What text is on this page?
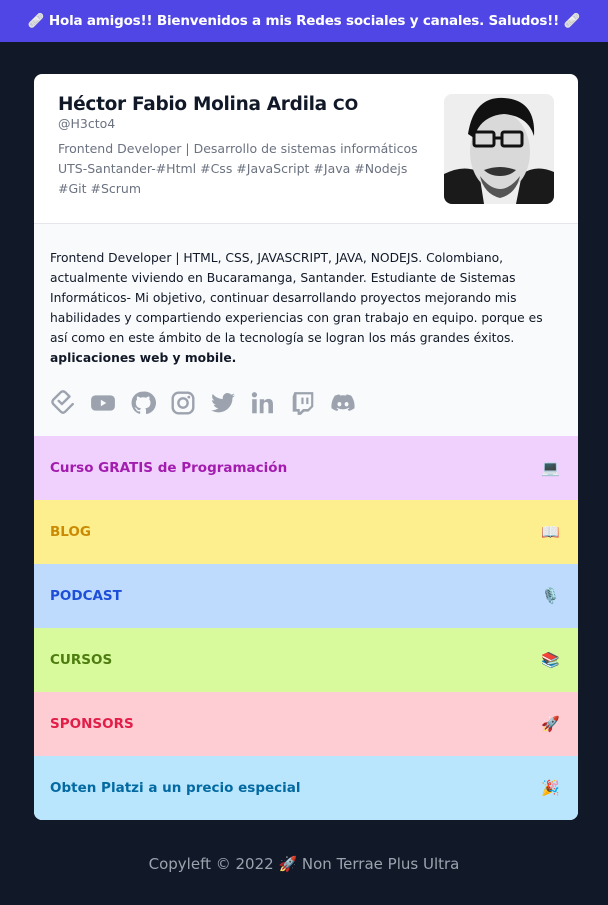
🩹 Hola amigos!! Bienvenidos a mis Redes sociales y canales. Saludos!! 🩹
Héctor Fabio Molina Ardila CO
@H3cto4
Frontend Developer | Desarrollo de sistemas informáticos UTS-Santander-#Html #Css #JavaScript #Java #Nodejs #Git #Scrum

Frontend Developer | HTML, CSS, JAVASCRIPT, JAVA, NODEJS. Colombiano, actualmente viviendo en Bucaramanga, Santander. Estudiante de Sistemas Informáticos- Mi objetivo, continuar desarrollando proyectos mejorando mis habilidades y compartiendo experiencias con gran trabajo en equipo. porque es así como en este ámbito de la tecnología se logran los más grandes éxitos. aplicaciones web y mobile.

Curso GRATIS de Programación	💻
BLOG	📖
PODCAST	🎙️
CURSOS	📚
SPONSORS	🚀
Obten Platzi a un precio especial	🎉
Copyleft © 2022 🚀 Non Terrae Plus Ultra
